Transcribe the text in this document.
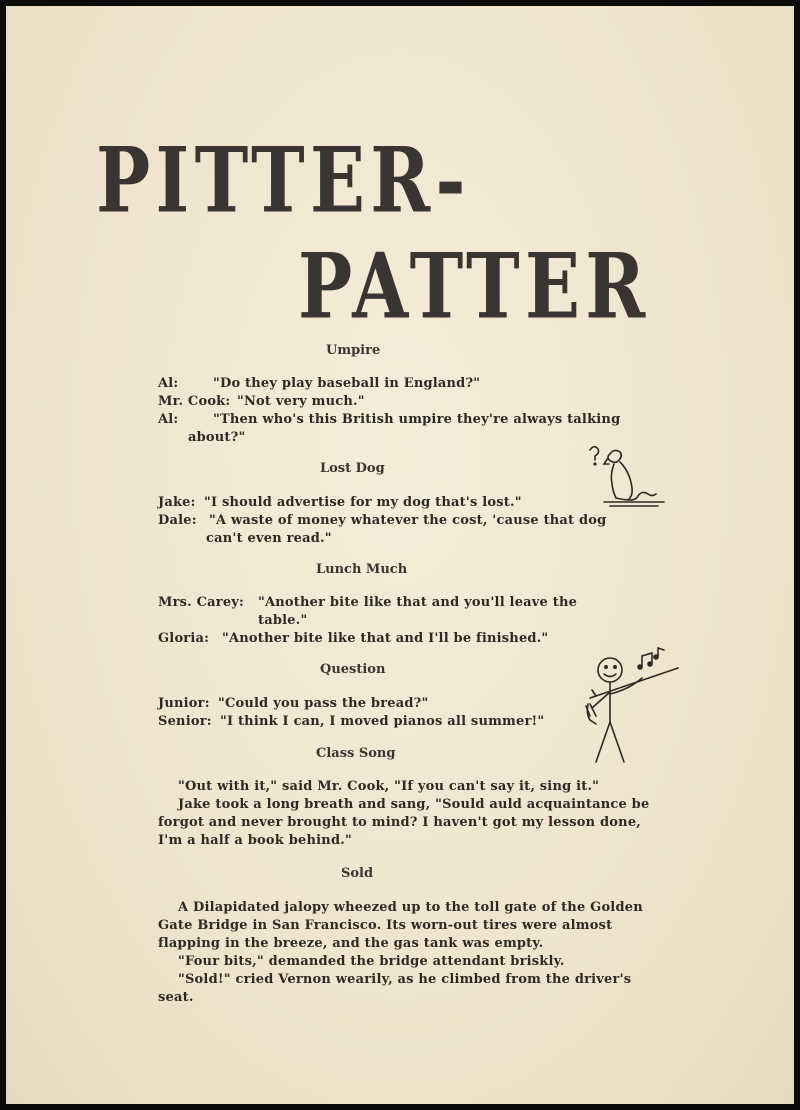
PITTER-
PATTER
Umpire
Al:	"Do they play baseball in England?"
Mr. Cook: "Not very much."
Al:	"Then who's this British umpire they're always talking
about?"
Lost Dog
Jake: "I should advertise for my dog that's lost."
Dale: "A waste of money whatever the cost, 'cause that dog
can't even read."
Lunch Much
Mrs. Carey: "Another bite like that and you'll leave the
table."
Gloria: "Another bite like that and I'll be finished."
Question
Junior: "Could you pass the bread?"
Senior: "I think I can, I moved pianos all summer!"
Class Song
"Out with it," said Mr. Cook, "If you can't say it, sing it."
Jake took a long breath and sang, "Sould auld acquaintance be
forgot and never brought to mind? I haven't got my lesson done,
I'm a half a book behind."
Sold
A Dilapidated jalopy wheezed up to the toll gate of the Golden
Gate Bridge in San Francisco. Its worn-out tires were almost
flapping in the breeze, and the gas tank was empty.
"Four bits," demanded the bridge attendant briskly.
"Sold!" cried Vernon wearily, as he climbed from the driver's
seat.
